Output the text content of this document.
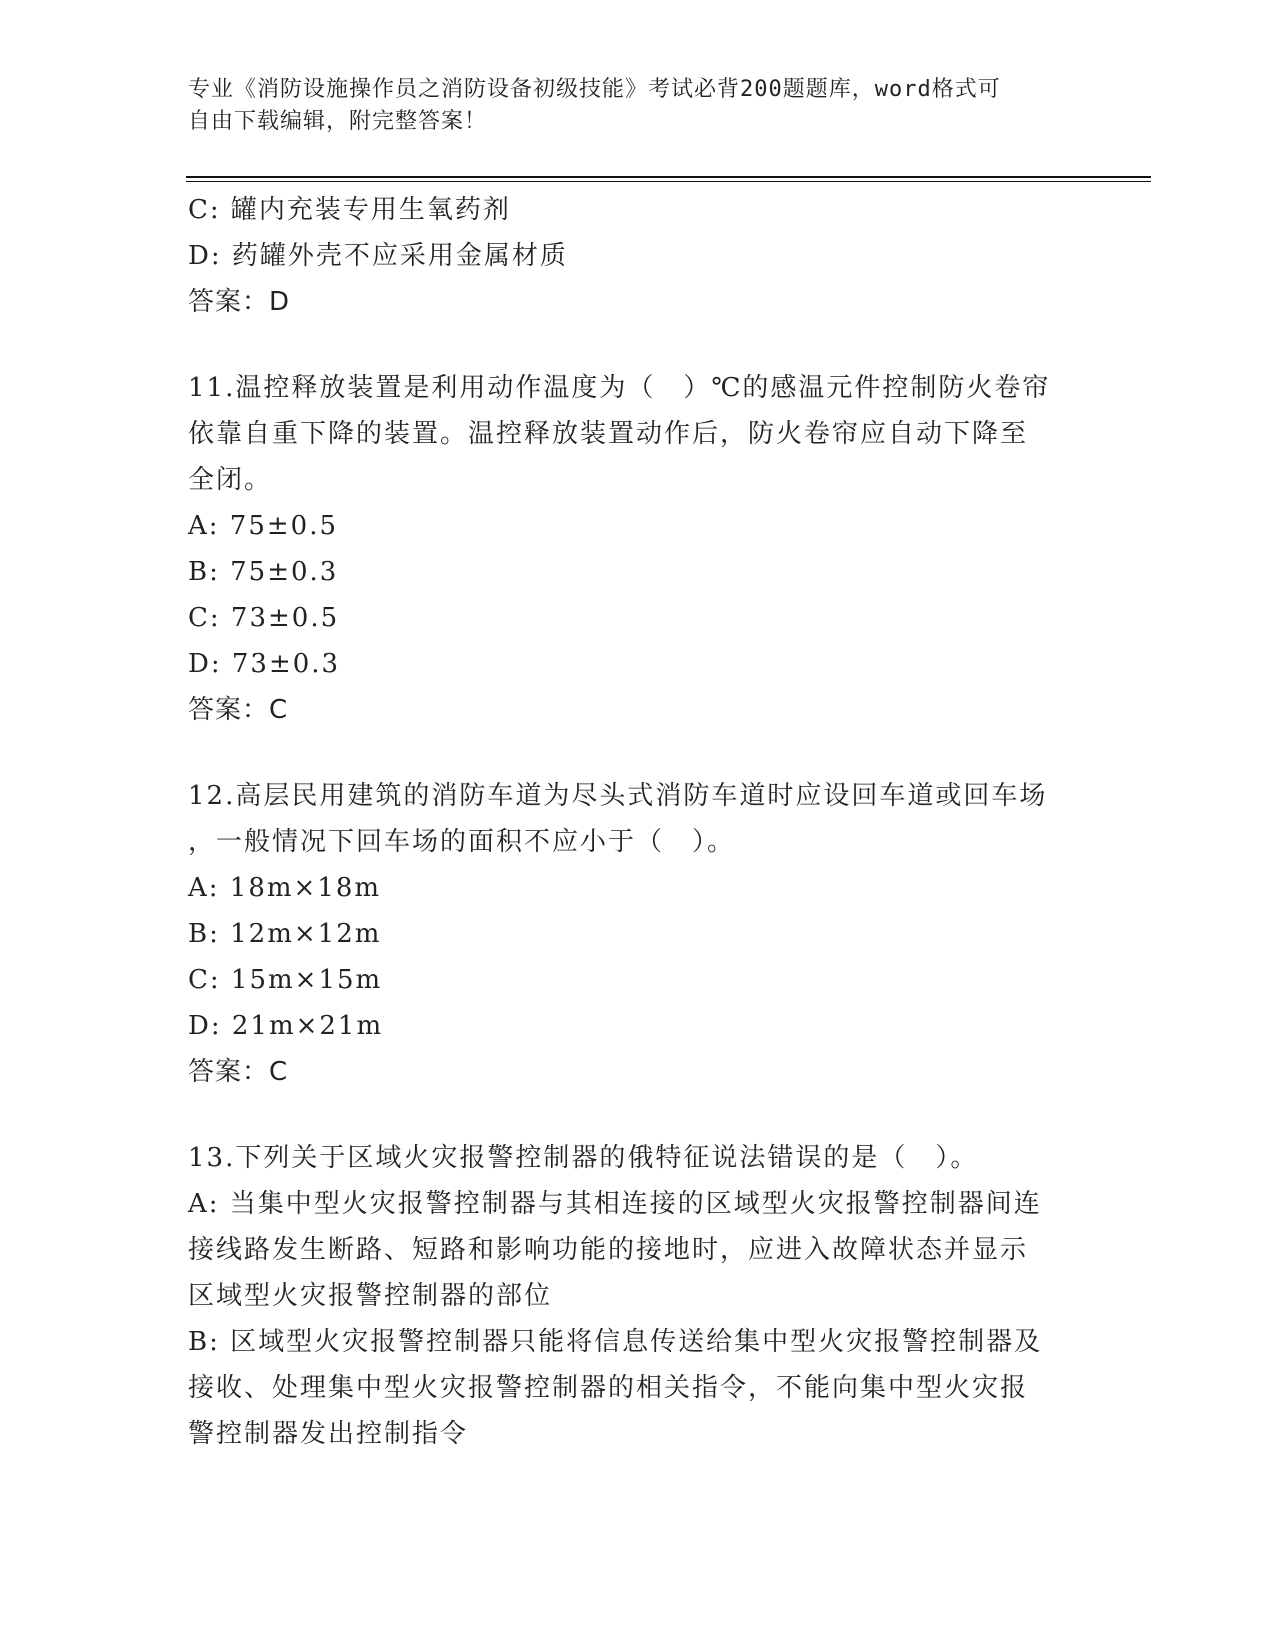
专业《消防设施操作员之消防设备初级技能》考试必背200题题库，word格式可
自由下载编辑，附完整答案！
C: 罐内充装专用生氧药剂
D: 药罐外壳不应采用金属材质
答案：D
11.温控释放装置是利用动作温度为（　）℃的感温元件控制防火卷帘
依靠自重下降的装置。温控释放装置动作后，防火卷帘应自动下降至
全闭。
A: 75±0.5
B: 75±0.3
C: 73±0.5
D: 73±0.3
答案：C
12.高层民用建筑的消防车道为尽头式消防车道时应设回车道或回车场
，一般情况下回车场的面积不应小于（　）。
A: 18m×18m
B: 12m×12m
C: 15m×15m
D: 21m×21m
答案：C
13.下列关于区域火灾报警控制器的俄特征说法错误的是（　）。
A: 当集中型火灾报警控制器与其相连接的区域型火灾报警控制器间连
接线路发生断路、短路和影响功能的接地时，应进入故障状态并显示
区域型火灾报警控制器的部位
B: 区域型火灾报警控制器只能将信息传送给集中型火灾报警控制器及
接收、处理集中型火灾报警控制器的相关指令，不能向集中型火灾报
警控制器发出控制指令
